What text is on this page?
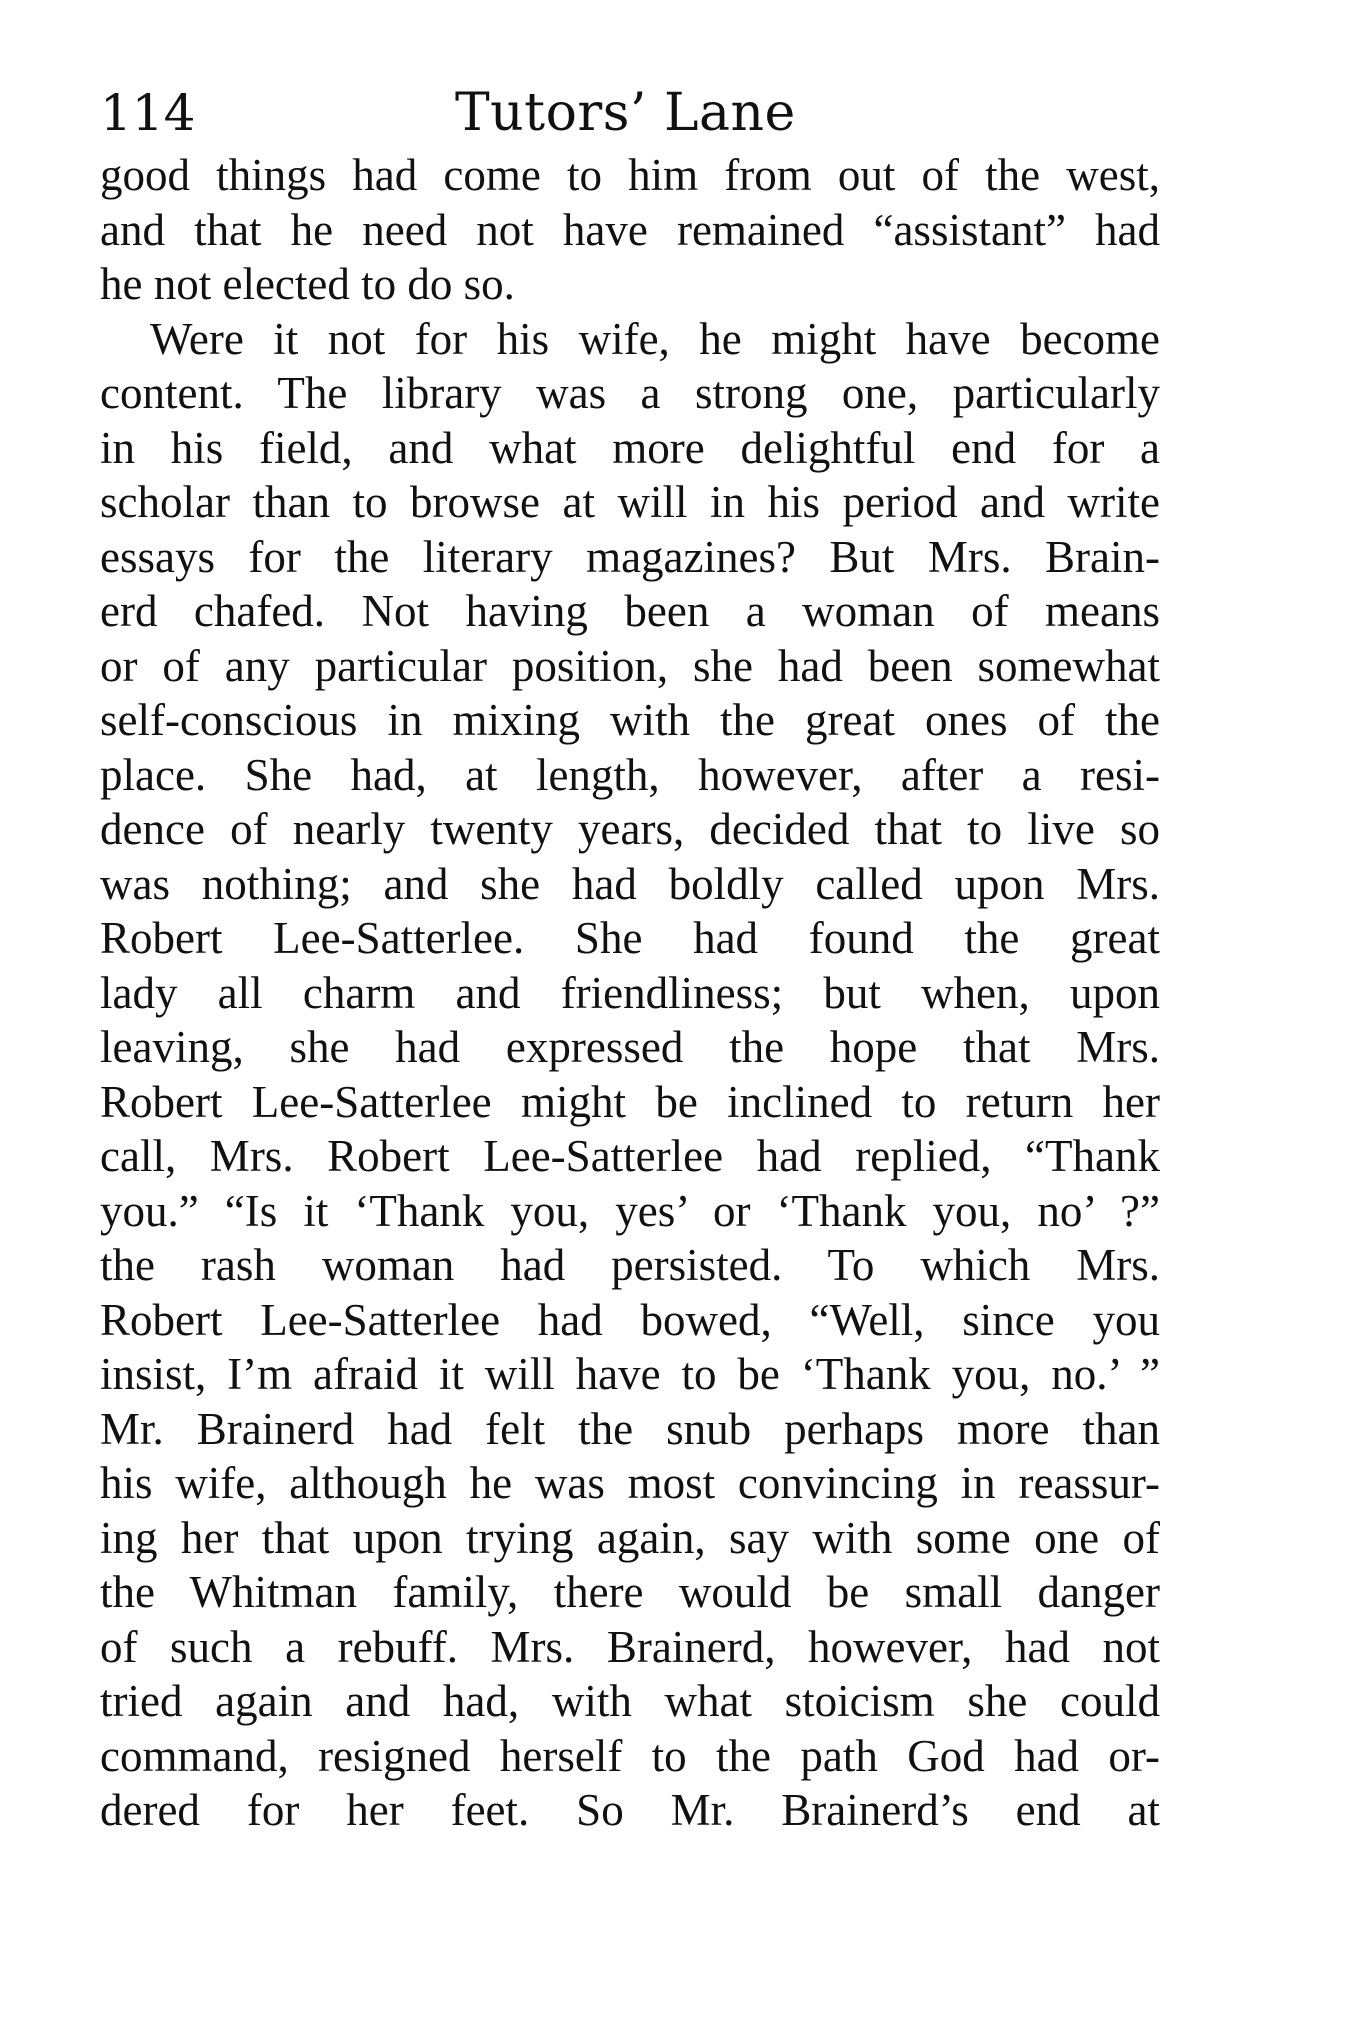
114	Tutors’ Lane
good things had come to him from out of the west,
and that he need not have remained “assistant” had
he not elected to do so.
Were it not for his wife, he might have become
content. The library was a strong one, particularly
in his field, and what more delightful end for a
scholar than to browse at will in his period and write
essays for the literary magazines? But Mrs. Brain-
erd chafed. Not having been a woman of means
or of any particular position, she had been somewhat
self-conscious in mixing with the great ones of the
place. She had, at length, however, after a resi-
dence of nearly twenty years, decided that to live so
was nothing; and she had boldly called upon Mrs.
Robert Lee-Satterlee. She had found the great
lady all charm and friendliness; but when, upon
leaving, she had expressed the hope that Mrs.
Robert Lee-Satterlee might be inclined to return her
call, Mrs. Robert Lee-Satterlee had replied, “Thank
you.” “Is it ‘Thank you, yes’ or ‘Thank you, no’ ?”
the rash woman had persisted. To which Mrs.
Robert Lee-Satterlee had bowed, “Well, since you
insist, I’m afraid it will have to be ‘Thank you, no.’ ”
Mr. Brainerd had felt the snub perhaps more than
his wife, although he was most convincing in reassur-
ing her that upon trying again, say with some one of
the Whitman family, there would be small danger
of such a rebuff. Mrs. Brainerd, however, had not
tried again and had, with what stoicism she could
command, resigned herself to the path God had or-
dered for her feet. So Mr. Brainerd’s end at
